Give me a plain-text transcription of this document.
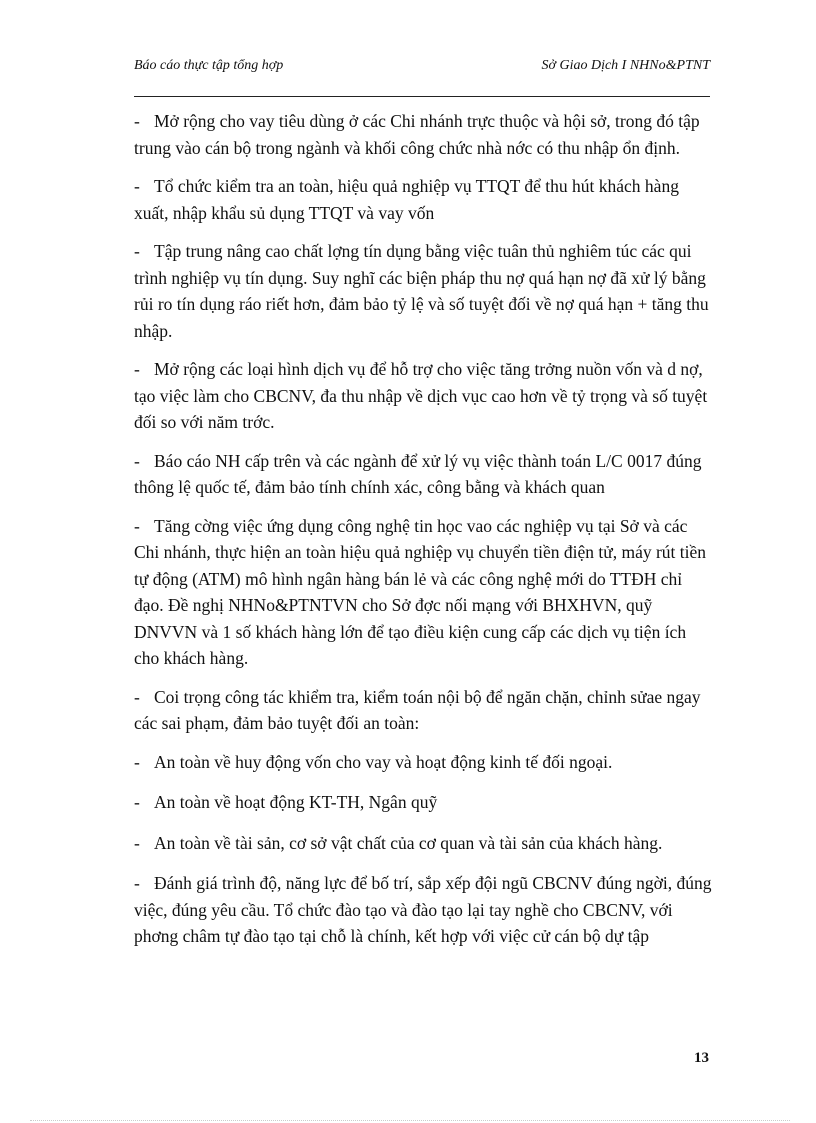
Báo cáo thực tập tổng hợp	Sở Giao Dịch I NHNo&PTNT

- Mở rộng cho vay tiêu dùng ở các Chi nhánh trực thuộc và hội sở, trong đó tập trung vào cán bộ trong ngành và khối công chức nhà nớc có thu nhập ổn định.

- Tổ chức kiểm tra an toàn, hiệu quả nghiệp vụ TTQT để thu hút khách hàng xuất, nhập khẩu sủ dụng TTQT và vay vốn

- Tập trung nâng cao chất lợng tín dụng bằng việc tuân thủ nghiêm túc các qui trình nghiệp vụ tín dụng. Suy nghĩ các biện pháp thu nợ quá hạn nợ đã xử lý bằng rủi ro tín dụng ráo riết hơn, đảm bảo tỷ lệ và số tuyệt đối về nợ quá hạn + tăng thu nhập.

- Mở rộng các loại hình dịch vụ để hỗ trợ cho việc tăng trởng nuồn vốn và d nợ, tạo việc làm cho CBCNV, đa thu nhập về dịch vục cao hơn về tỷ trọng và số tuyệt đối so với năm trớc.

- Báo cáo NH cấp trên và các ngành để xử lý vụ việc thành toán L/C 0017 đúng thông lệ quốc tế, đảm bảo tính chính xác, công bằng và khách quan

- Tăng cờng việc ứng dụng công nghệ tin học vao các nghiệp vụ tại Sở và các Chi nhánh, thực hiện an toàn hiệu quả nghiệp vụ chuyển tiền điện tử, máy rút tiền tự động (ATM) mô hình ngân hàng bán lẻ và các công nghệ mới do TTĐH chỉ đạo. Đề nghị NHNo&PTNTVN cho Sở đợc nối mạng với BHXHVN, quỹ DNVVN và 1 số khách hàng lớn để tạo điều kiện cung cấp các dịch vụ tiện ích cho khách hàng.

- Coi trọng công tác khiểm tra, kiểm toán nội bộ để ngăn chặn, chỉnh sửae ngay các sai phạm, đảm bảo tuyệt đối an toàn:

- An toàn về huy động vốn cho vay và hoạt động kinh tế đối ngoại.

- An toàn về hoạt động KT-TH, Ngân quỹ

- An toàn về tài sản, cơ sở vật chất của cơ quan và tài sản của khách hàng.

- Đánh giá trình độ, năng lực để bố trí, sắp xếp đội ngũ CBCNV đúng ngời, đúng việc, đúng yêu cầu. Tổ chức đào tạo và đào tạo lại tay nghề cho CBCNV, với phơng châm tự đào tạo tại chỗ là chính, kết hợp với việc cử cán bộ dự tập

13
